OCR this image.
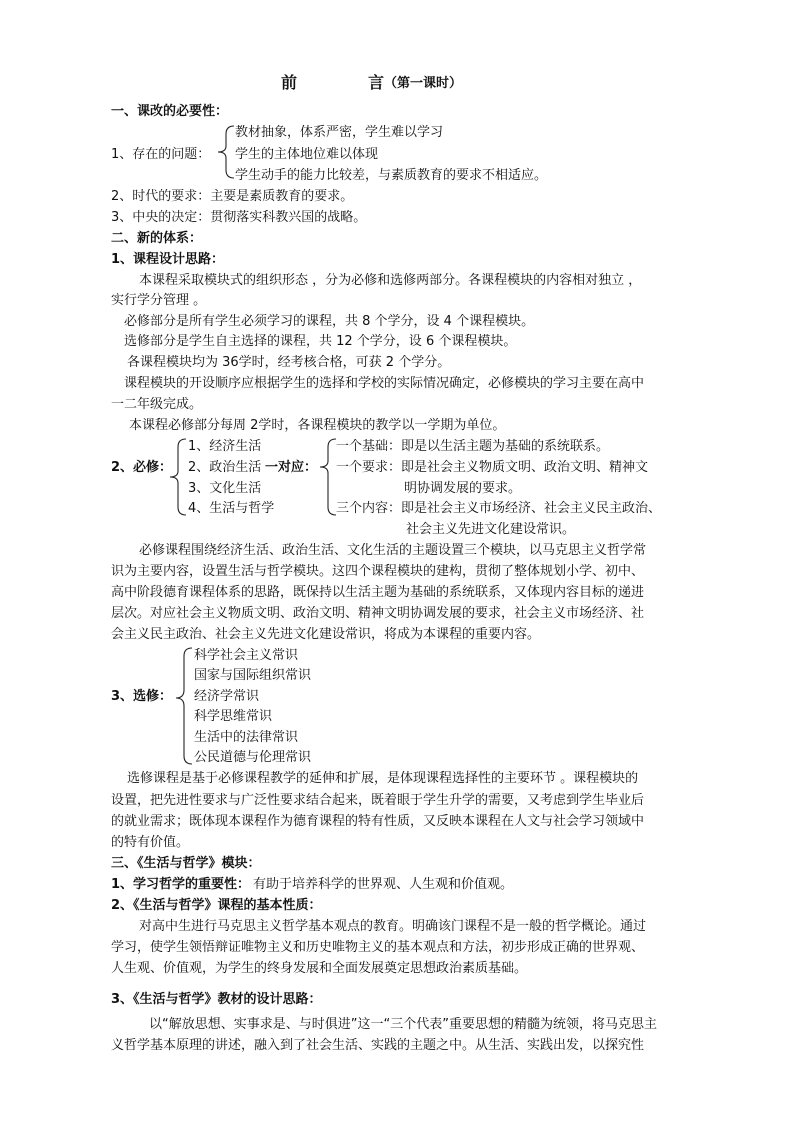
前	言
（第一课时）
一、课改的必要性：
1、存在的问题：
教材抽象，体系严密，学生难以学习
学生的主体地位难以体现
学生动手的能力比较差，与素质教育的要求不相适应。
2、时代的要求：主要是素质教育的要求。
3、中央的决定：贯彻落实科教兴国的战略。
二、新的体系：
1、课程设计思路：
本课程采取模块式的组织形态 ，分为必修和选修两部分。各课程模块的内容相对独立 ，
实行学分管理 。
必修部分是所有学生必须学习的课程，共 8 个学分，设 4 个课程模块。
选修部分是学生自主选择的课程，共 12 个学分，设 6 个课程模块。
各课程模块均为 36学时，经考核合格，可获 2 个学分。
课程模块的开设顺序应根据学生的选择和学校的实际情况确定，必修模块的学习主要在高中
一二年级完成。
本课程必修部分每周 2学时，各课程模块的教学以一学期为单位。
2、必修：
1、经济生活
2、政治生活 一对应：
3、文化生活
4、生活与哲学
一个基础：即是以生活主题为基础的系统联系。
一个要求：即是社会主义物质文明、政治文明、精神文
明协调发展的要求。
三个内容：即是社会主义市场经济、社会主义民主政治、
社会主义先进文化建设常识。
必修课程围绕经济生活、政治生活、文化生活的主题设置三个模块，以马克思主义哲学常
识为主要内容，设置生活与哲学模块。这四个课程模块的建构，贯彻了整体规划小学、初中、
高中阶段德育课程体系的思路，既保持以生活主题为基础的系统联系，又体现内容目标的递进
层次。对应社会主义物质文明、政治文明、精神文明协调发展的要求，社会主义市场经济、社
会主义民主政治、社会主义先进文化建设常识，将成为本课程的重要内容。
3、选修：
科学社会主义常识
国家与国际组织常识
经济学常识
科学思维常识
生活中的法律常识
公民道德与伦理常识
选修课程是基于必修课程教学的延伸和扩展，是体现课程选择性的主要环节 。课程模块的
设置，把先进性要求与广泛性要求结合起来，既着眼于学生升学的需要，又考虑到学生毕业后
的就业需求；既体现本课程作为德育课程的特有性质，又反映本课程在人文与社会学习领域中
的特有价值。
三、《生活与哲学》模块：
1、学习哲学的重要性： 有助于培养科学的世界观、人生观和价值观。
2、《生活与哲学》课程的基本性质：
对高中生进行马克思主义哲学基本观点的教育。明确该门课程不是一般的哲学概论。通过
学习，使学生领悟辩证唯物主义和历史唯物主义的基本观点和方法，初步形成正确的世界观、
人生观、价值观，为学生的终身发展和全面发展奠定思想政治素质基础。
3、《生活与哲学》教材的设计思路：
以“解放思想、实事求是、与时俱进”这一“三个代表”重要思想的精髓为统领，将马克思主
义哲学基本原理的讲述，融入到了社会生活、实践的主题之中。从生活、实践出发，以探究性
